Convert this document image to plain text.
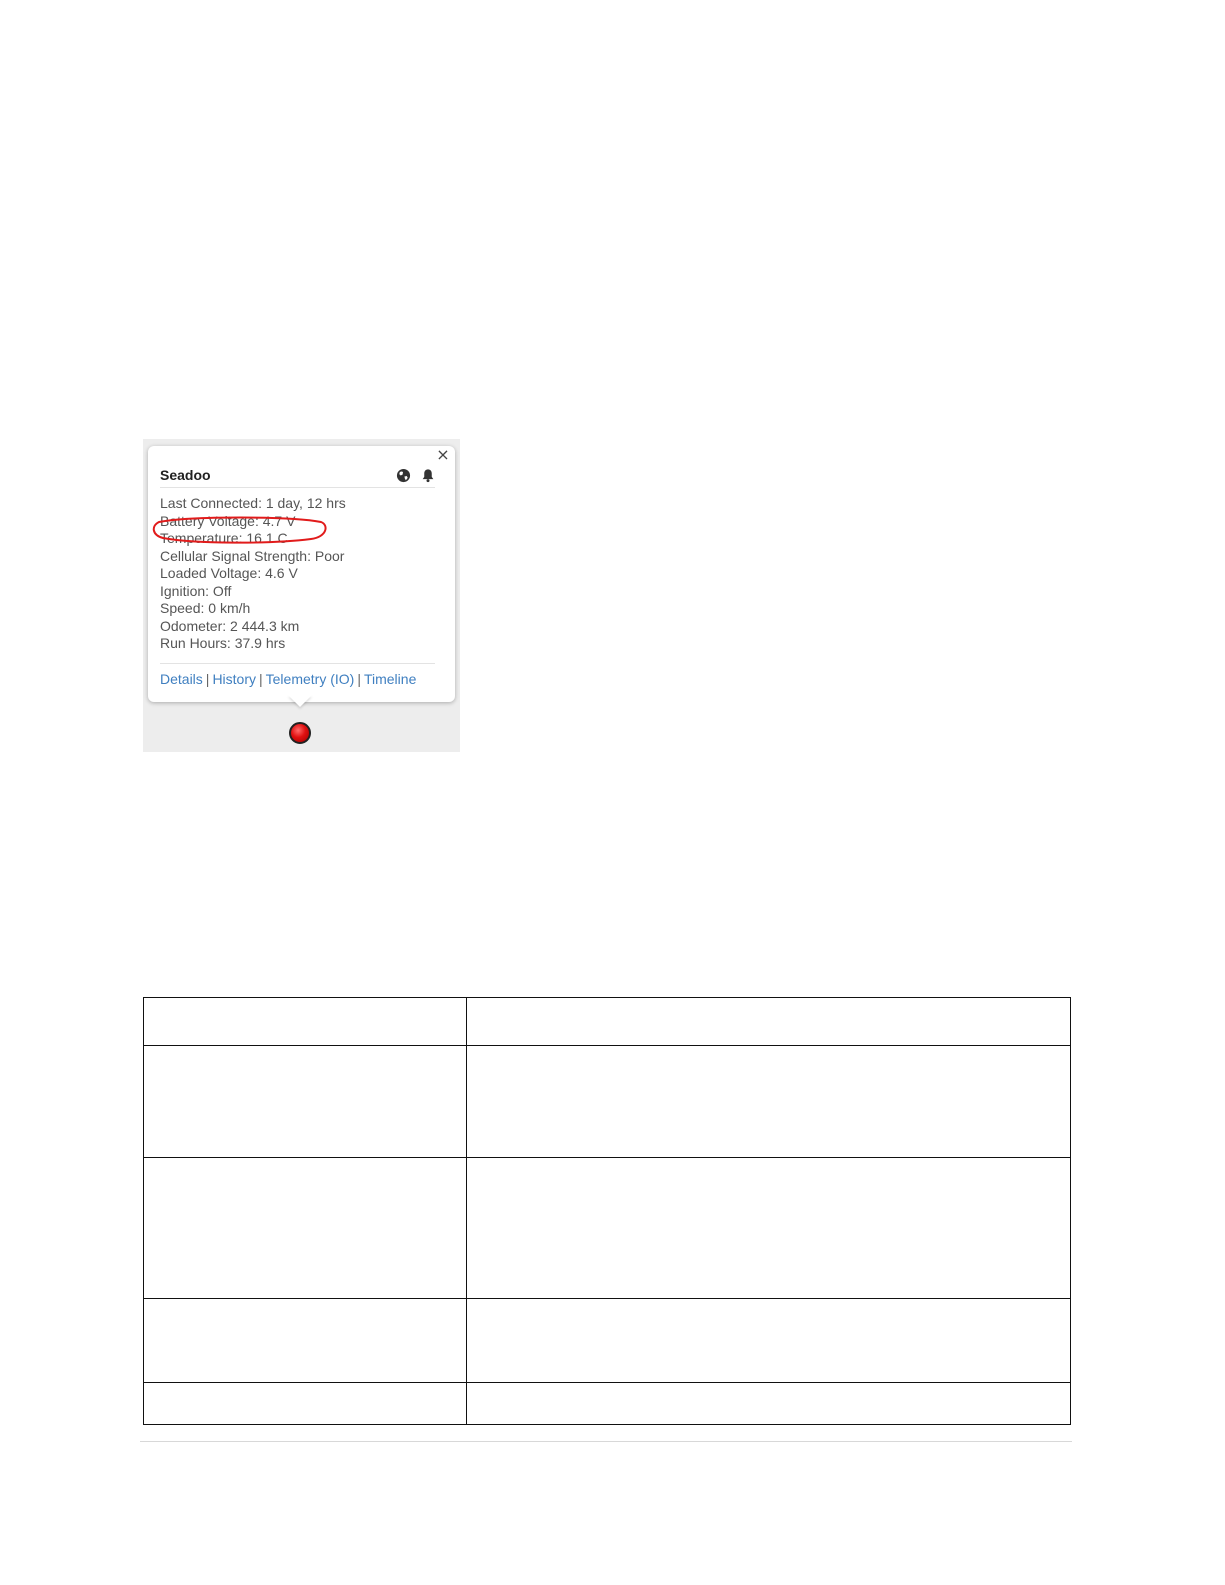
×
Seadoo
Last Connected: 1 day, 12 hrs
Battery Voltage: 4.7 V
Temperature: 16.1 C
Cellular Signal Strength: Poor
Loaded Voltage: 4.6 V
Ignition: Off
Speed: 0 km/h
Odometer: 2 444.3 km
Run Hours: 37.9 hrs
Details | History | Telemetry (IO) | Timeline
